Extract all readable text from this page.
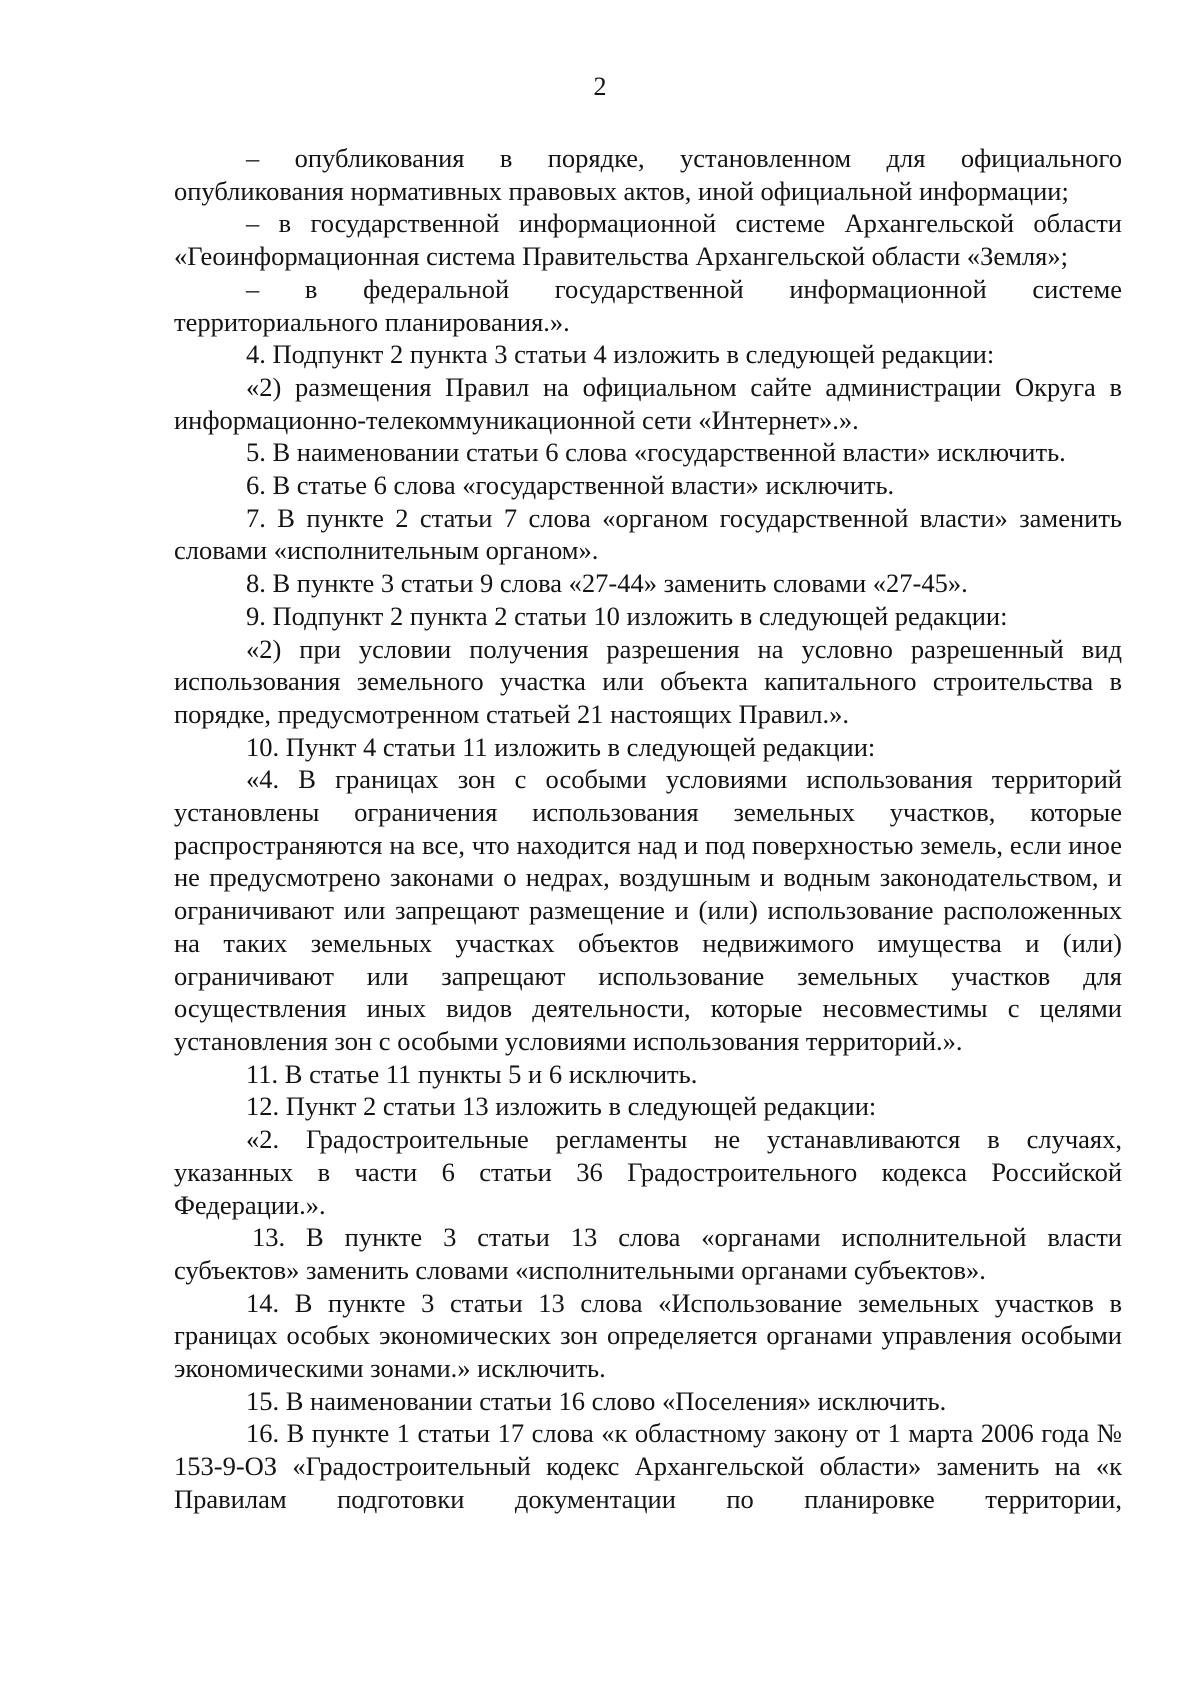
2

– опубликования в порядке, установленном для официального опубликования нормативных правовых актов, иной официальной информации;

– в государственной информационной системе Архангельской области «Геоинформационная система Правительства Архангельской области «Земля»;

– в федеральной государственной информационной системе территориального планирования.».

4. Подпункт 2 пункта 3 статьи 4 изложить в следующей редакции:

«2) размещения Правил на официальном сайте администрации Округа в информационно-телекоммуникационной сети «Интернет».».

5. В наименовании статьи 6 слова «государственной власти» исключить.

6. В статье 6 слова «государственной власти» исключить.

7. В пункте 2 статьи 7 слова «органом государственной власти» заменить словами «исполнительным органом».

8. В пункте 3 статьи 9 слова «27-44» заменить словами «27-45».

9. Подпункт 2 пункта 2 статьи 10 изложить в следующей редакции:

«2) при условии получения разрешения на условно разрешенный вид использования земельного участка или объекта капитального строительства в порядке, предусмотренном статьей 21 настоящих Правил.».

10. Пункт 4 статьи 11 изложить в следующей редакции:

«4. В границах зон с особыми условиями использования территорий установлены ограничения использования земельных участков, которые распространяются на все, что находится над и под поверхностью земель, если иное не предусмотрено законами о недрах, воздушным и водным законодательством, и ограничивают или запрещают размещение и (или) использование расположенных на таких земельных участках объектов недвижимого имущества и (или) ограничивают или запрещают использование земельных участков для осуществления иных видов деятельности, которые несовместимы с целями установления зон с особыми условиями использования территорий.».

11. В статье 11 пункты 5 и 6 исключить.

12. Пункт 2 статьи 13 изложить в следующей редакции:

«2. Градостроительные регламенты не устанавливаются в случаях, указанных в части 6 статьи 36 Градостроительного кодекса Российской Федерации.».

13. В пункте 3 статьи 13 слова «органами исполнительной власти субъектов» заменить словами «исполнительными органами субъектов».

14. В пункте 3 статьи 13 слова «Использование земельных участков в границах особых экономических зон определяется органами управления особыми экономическими зонами.» исключить.

15. В наименовании статьи 16 слово «Поселения» исключить.

16. В пункте 1 статьи 17 слова «к областному закону от 1 марта 2006 года № 153-9-ОЗ «Градостроительный кодекс Архангельской области» заменить на «к Правилам подготовки документации по планировке территории,
